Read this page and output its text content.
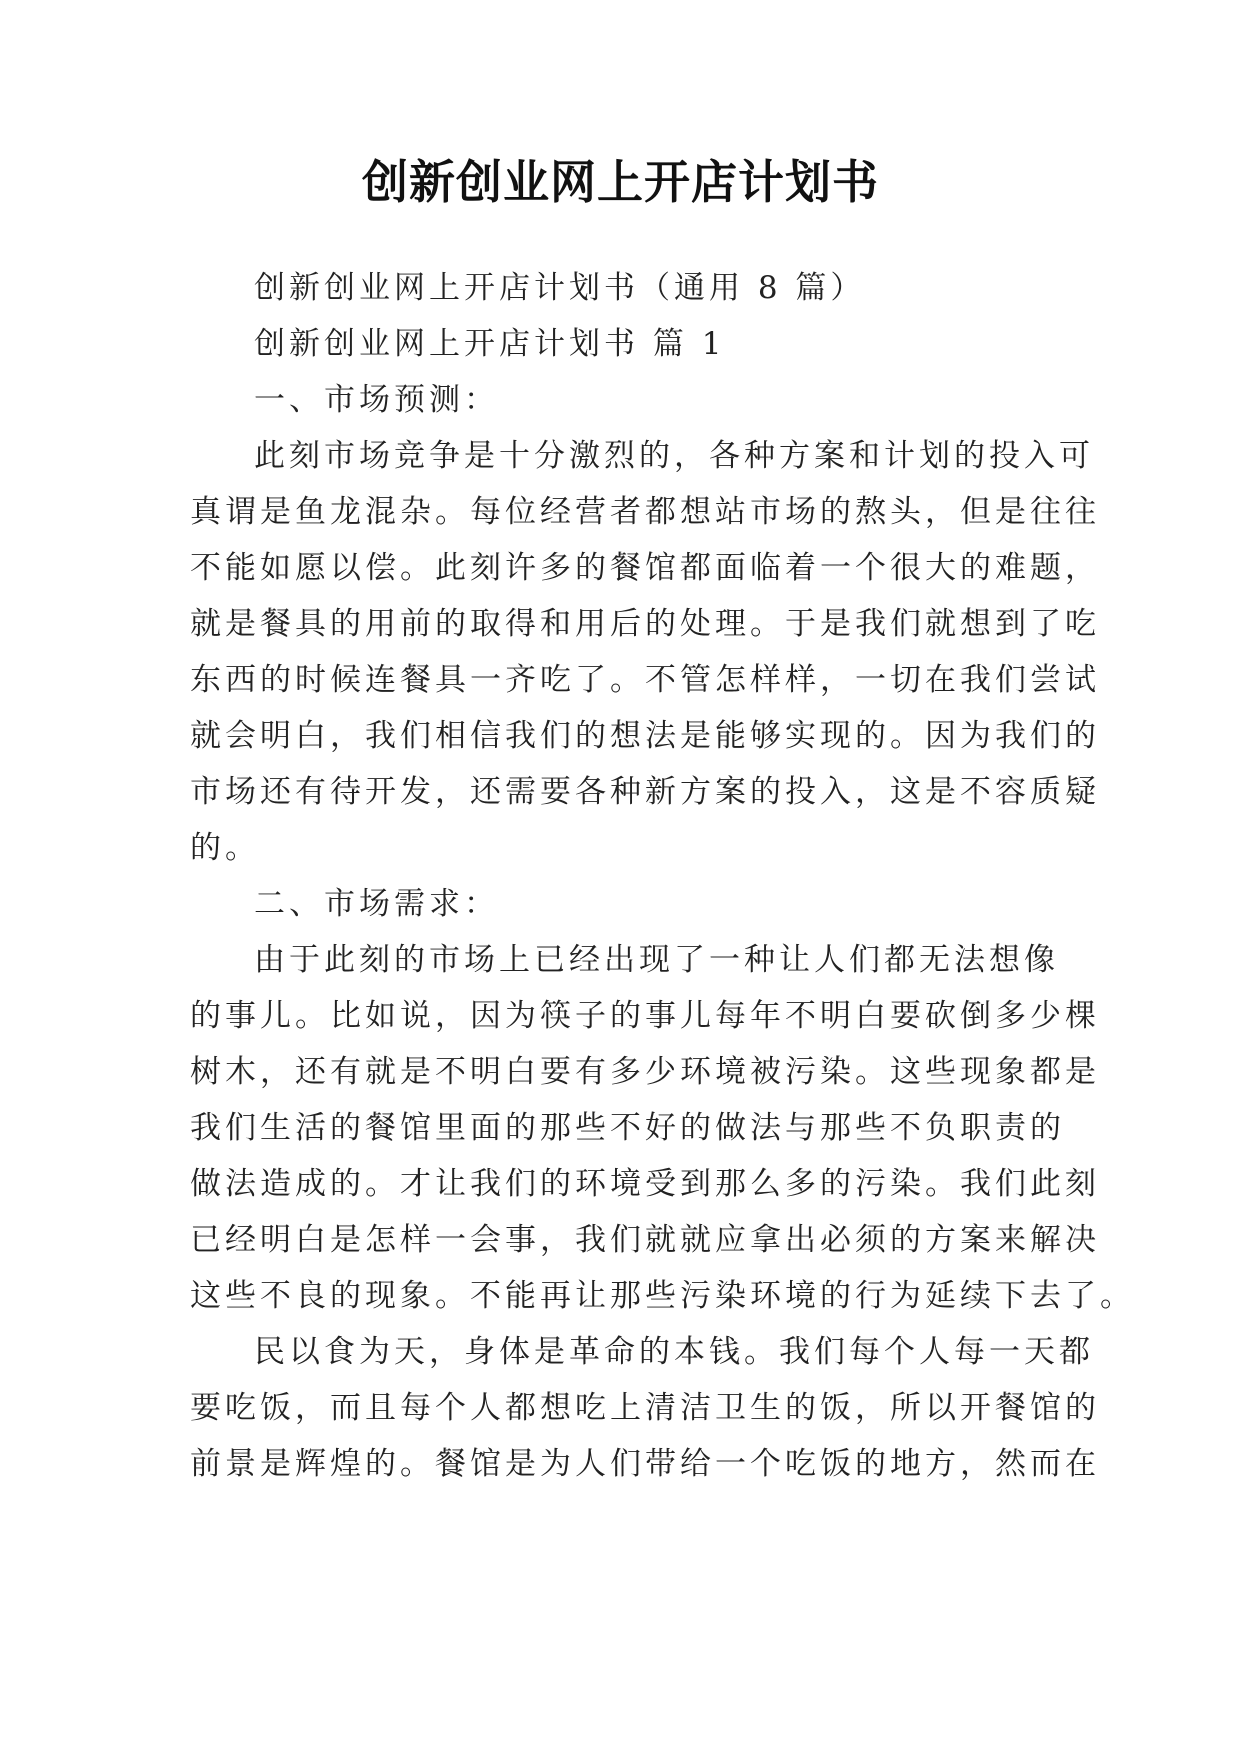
创新创业网上开店计划书
创新创业网上开店计划书（通用 8 篇）
创新创业网上开店计划书 篇 1
一、市场预测：
此刻市场竞争是十分激烈的，各种方案和计划的投入可
真谓是鱼龙混杂。每位经营者都想站市场的熬头，但是往往
不能如愿以偿。此刻许多的餐馆都面临着一个很大的难题，
就是餐具的用前的取得和用后的处理。于是我们就想到了吃
东西的时候连餐具一齐吃了。不管怎样样，一切在我们尝试
就会明白，我们相信我们的想法是能够实现的。因为我们的
市场还有待开发，还需要各种新方案的投入，这是不容质疑
的。
二、市场需求：
由于此刻的市场上已经出现了一种让人们都无法想像
的事儿。比如说，因为筷子的事儿每年不明白要砍倒多少棵
树木，还有就是不明白要有多少环境被污染。这些现象都是
我们生活的餐馆里面的那些不好的做法与那些不负职责的
做法造成的。才让我们的环境受到那么多的污染。我们此刻
已经明白是怎样一会事，我们就就应拿出必须的方案来解决
这些不良的现象。不能再让那些污染环境的行为延续下去了。
民以食为天，身体是革命的本钱。我们每个人每一天都
要吃饭，而且每个人都想吃上清洁卫生的饭，所以开餐馆的
前景是辉煌的。餐馆是为人们带给一个吃饭的地方，然而在
